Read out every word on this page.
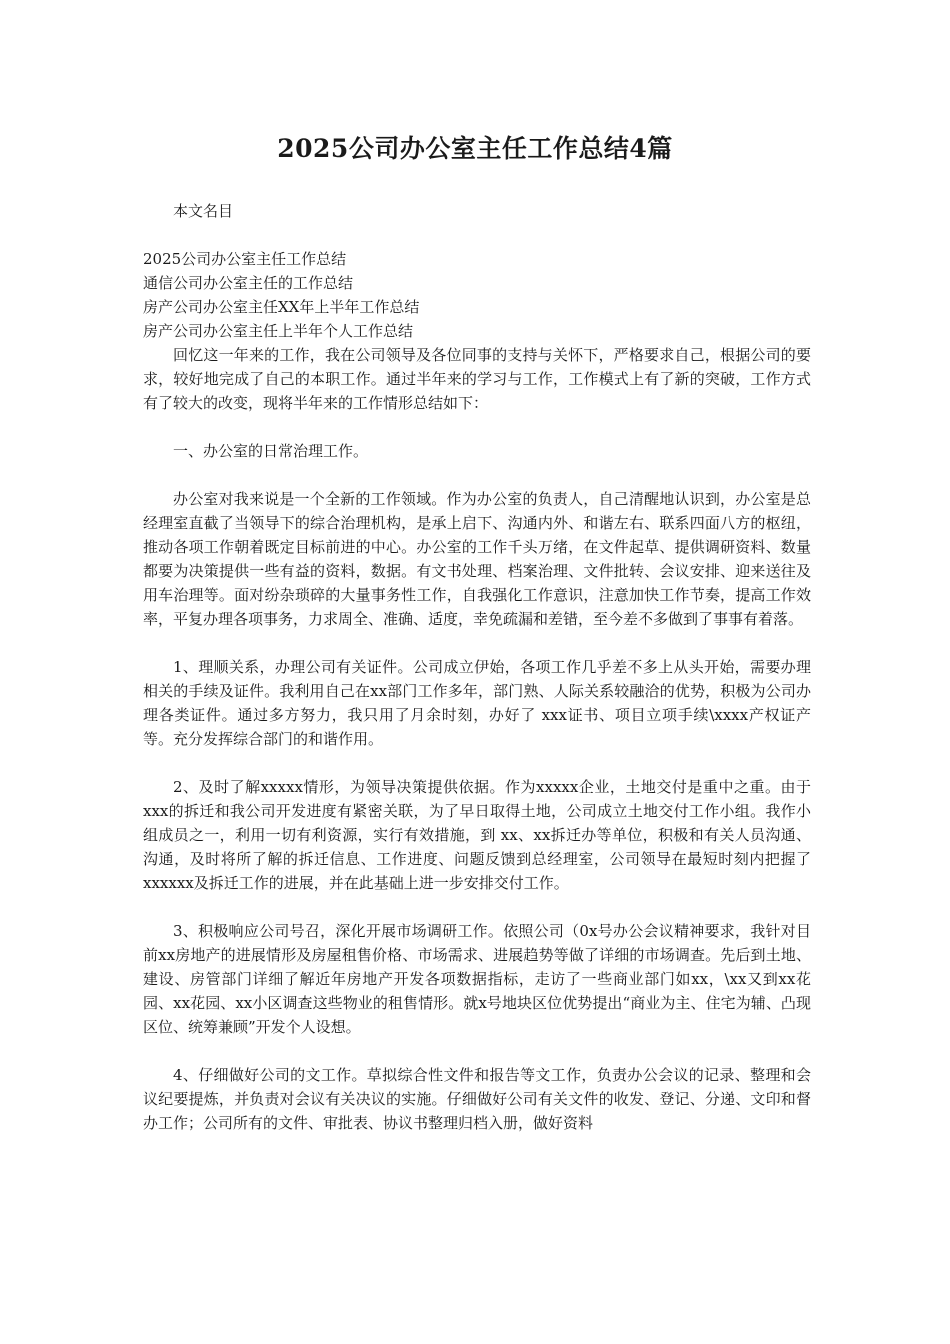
2025公司办公室主任工作总结4篇

本文名目

2025公司办公室主任工作总结
通信公司办公室主任的工作总结
房产公司办公室主任XX年上半年工作总结
房产公司办公室主任上半年个人工作总结

回忆这一年来的工作，我在公司领导及各位同事的支持与关怀下，严格要求自己，根据公司的要求，较好地完成了自己的本职工作。通过半年来的学习与工作，工作模式上有了新的突破，工作方式有了较大的改变，现将半年来的工作情形总结如下：

一、办公室的日常治理工作。

办公室对我来说是一个全新的工作领域。作为办公室的负责人，自己清醒地认识到，办公室是总经理室直截了当领导下的综合治理机构，是承上启下、沟通内外、和谐左右、联系四面八方的枢纽，推动各项工作朝着既定目标前进的中心。办公室的工作千头万绪，在文件起草、提供调研资料、数量都要为决策提供一些有益的资料，数据。有文书处理、档案治理、文件批转、会议安排、迎来送往及用车治理等。面对纷杂琐碎的大量事务性工作，自我强化工作意识，注意加快工作节奏，提高工作效率，平复办理各项事务，力求周全、准确、适度，幸免疏漏和差错，至今差不多做到了事事有着落。

1、理顺关系，办理公司有关证件。公司成立伊始，各项工作几乎差不多上从头开始，需要办理相关的手续及证件。我利用自己在xx部门工作多年，部门熟、人际关系较融洽的优势，积极为公司办理各类证件。通过多方努力，我只用了月余时刻，办好了 xxx证书、项目立项手续\xxxx产权证产等。充分发挥综合部门的和谐作用。

2、及时了解xxxxx情形，为领导决策提供依据。作为xxxxx企业，土地交付是重中之重。由于xxx的拆迁和我公司开发进度有紧密关联，为了早日取得土地，公司成立土地交付工作小组。我作小组成员之一，利用一切有利资源，实行有效措施，到 xx、xx拆迁办等单位，积极和有关人员沟通、沟通，及时将所了解的拆迁信息、工作进度、问题反馈到总经理室，公司领导在最短时刻内把握了 xxxxxx及拆迁工作的进展，并在此基础上进一步安排交付工作。

3、积极响应公司号召，深化开展市场调研工作。依照公司（0x号办公会议精神要求，我针对目前xx房地产的进展情形及房屋租售价格、市场需求、进展趋势等做了详细的市场调查。先后到土地、建设、房管部门详细了解近年房地产开发各项数据指标，走访了一些商业部门如xx，\xx又到xx花园、xx花园、xx小区调查这些物业的租售情形。就x号地块区位优势提出“商业为主、住宅为辅、凸现区位、统筹兼顾”开发个人设想。

4、仔细做好公司的文工作。草拟综合性文件和报告等文工作，负责办公会议的记录、整理和会议纪要提炼，并负责对会议有关决议的实施。仔细做好公司有关文件的收发、登记、分递、文印和督办工作；公司所有的文件、审批表、协议书整理归档入册，做好资料
